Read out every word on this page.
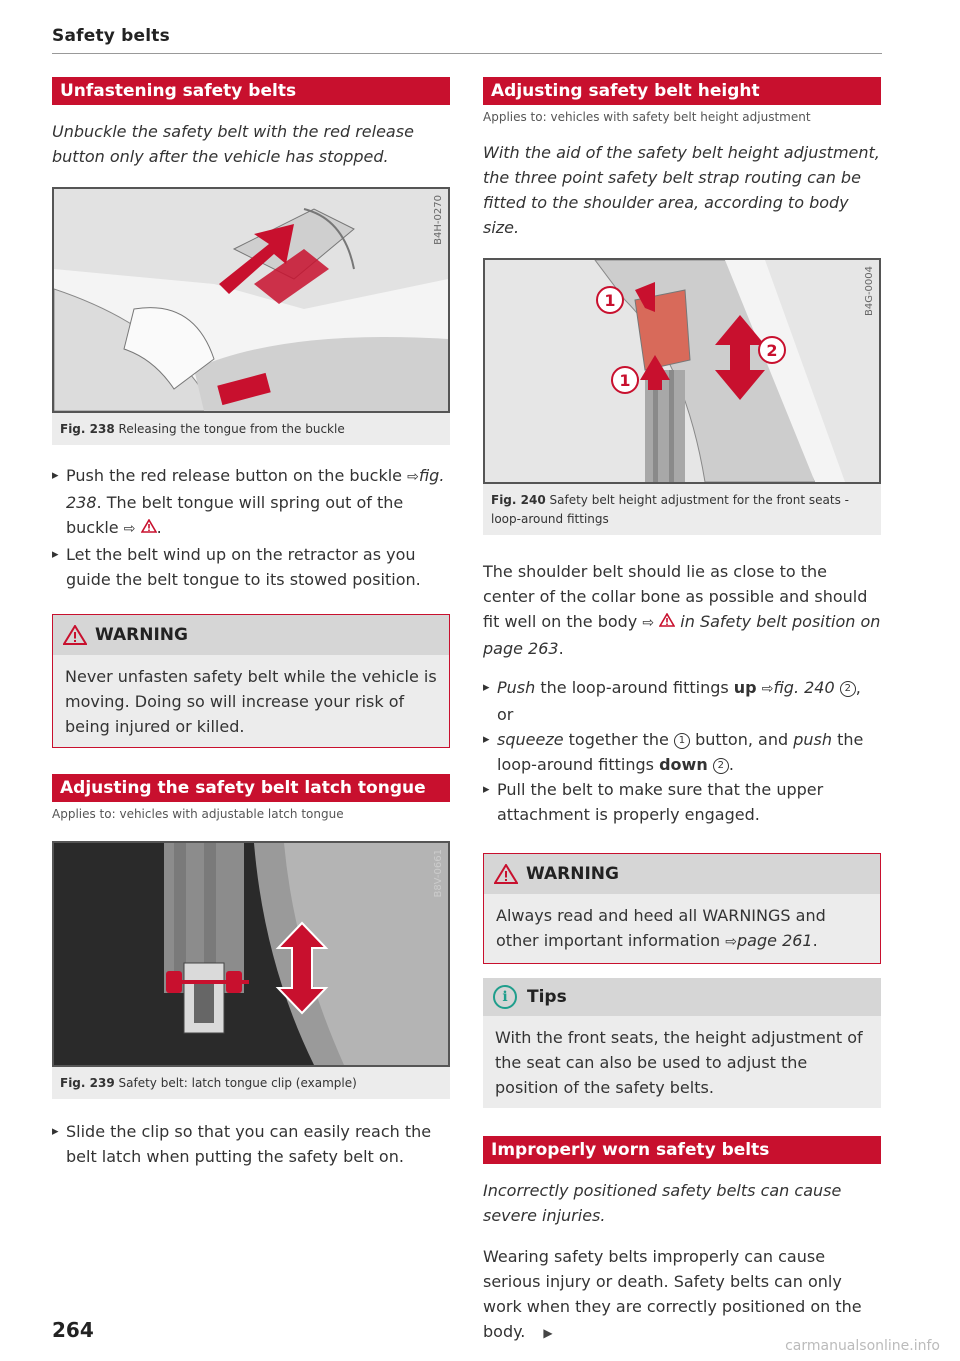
Safety belts
Unfastening safety belts

Unbuckle the safety belt with the red release button only after the vehicle has stopped.

B4H-0270
Fig. 238 Releasing the tongue from the buckle
▸ Push the red release button on the buckle ⇨fig. 238. The belt tongue will spring out of the buckle ⇨ .
▸ Let the belt wind up on the retractor as you guide the belt tongue to its stowed position.
WARNING
Never unfasten safety belt while the vehicle is moving. Doing so will increase your risk of being injured or killed.
Adjusting the safety belt latch tongue

Applies to: vehicles with adjustable latch tongue

B8V-0661
Fig. 239 Safety belt: latch tongue clip (example)
▸ Slide the clip so that you can easily reach the belt latch when putting the safety belt on.
Adjusting safety belt height

Applies to: vehicles with safety belt height adjustment

With the aid of the safety belt height adjustment, the three point safety belt strap routing can be fitted to the shoulder area, according to body size.

1
1
2
B4G-0004
Fig. 240 Safety belt height adjustment for the front seats - loop-around fittings

The shoulder belt should lie as close to the center of the collar bone as possible and should fit well on the body ⇨  in Safety belt position on page 263.

▸ Push the loop-around fittings up ⇨fig. 240 2 ,
or
▸ squeeze together the 1 button, and push the loop-around fittings down 2 .
▸ Pull the belt to make sure that the upper attachment is properly engaged.
WARNING
Always read and heed all WARNINGS and other important information ⇨page 261.
i	Tips
With the front seats, the height adjustment of the seat can also be used to adjust the position of the safety belts.
Improperly worn safety belts

Incorrectly positioned safety belts can cause severe injuries.

Wearing safety belts improperly can cause serious injury or death. Safety belts can only work when they are correctly positioned on the body. ▶

264
carmanualsonline.info
